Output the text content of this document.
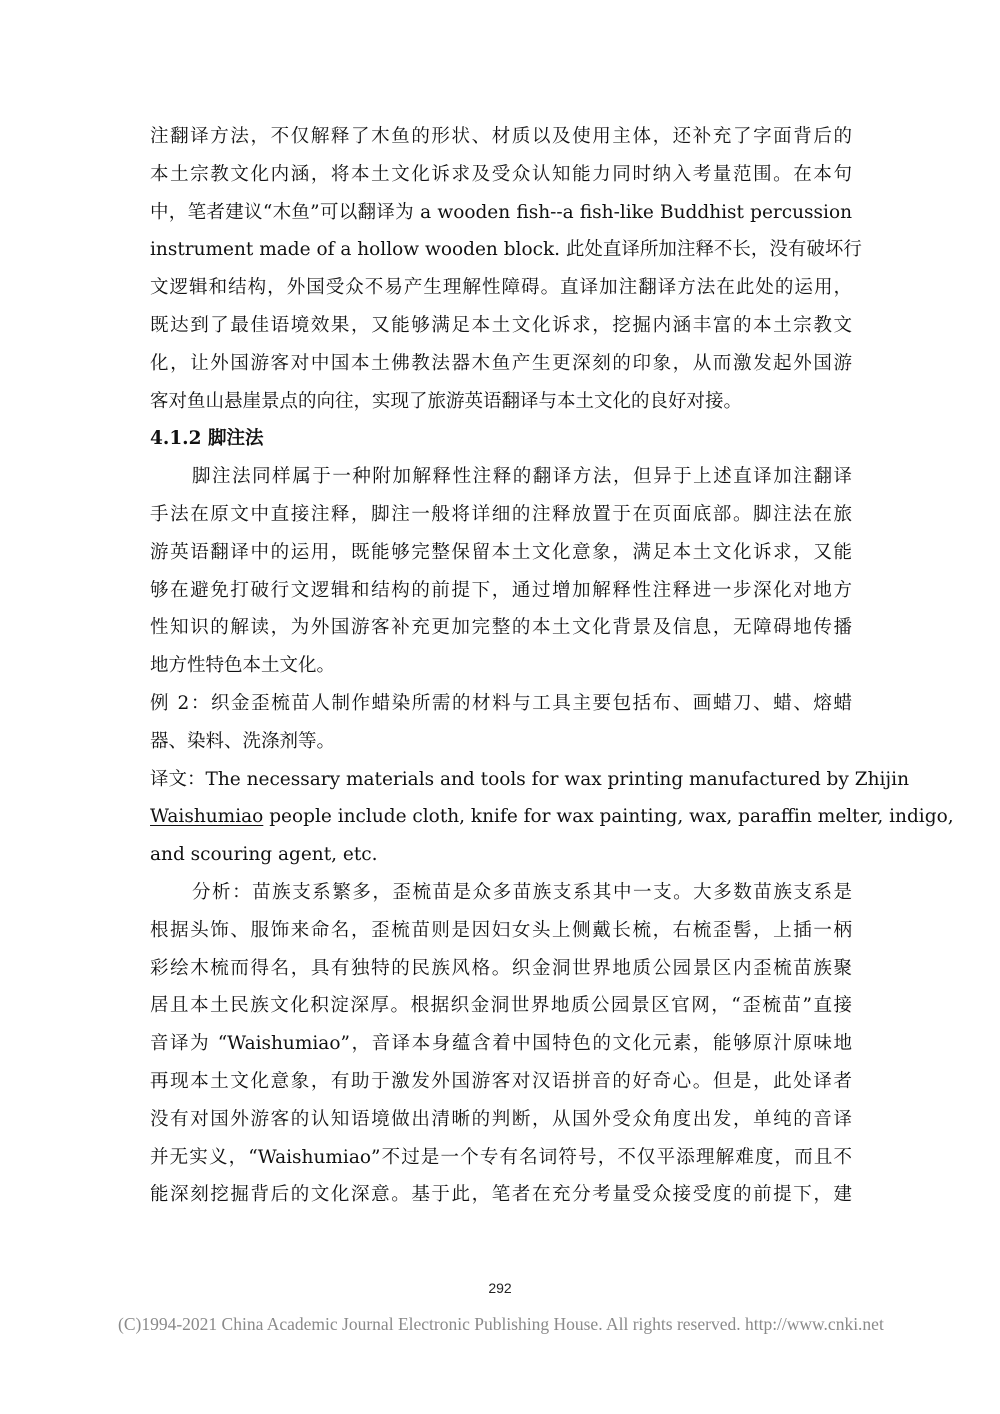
注翻译方法，不仅解释了木鱼的形状、材质以及使用主体，还补充了字面背后的
本土宗教文化内涵，将本土文化诉求及受众认知能力同时纳入考量范围。在本句
中，笔者建议“木鱼”可以翻译为 a wooden fish--a fish-like Buddhist percussion
instrument made of a hollow wooden block. 此处直译所加注释不长，没有破坏行
文逻辑和结构，外国受众不易产生理解性障碍。直译加注翻译方法在此处的运用，
既达到了最佳语境效果，又能够满足本土文化诉求，挖掘内涵丰富的本土宗教文
化，让外国游客对中国本土佛教法器木鱼产生更深刻的印象，从而激发起外国游
客对鱼山悬崖景点的向往，实现了旅游英语翻译与本土文化的良好对接。
4.1.2 脚注法
脚注法同样属于一种附加解释性注释的翻译方法，但异于上述直译加注翻译
手法在原文中直接注释，脚注一般将详细的注释放置于在页面底部。脚注法在旅
游英语翻译中的运用，既能够完整保留本土文化意象，满足本土文化诉求，又能
够在避免打破行文逻辑和结构的前提下，通过增加解释性注释进一步深化对地方
性知识的解读，为外国游客补充更加完整的本土文化背景及信息，无障碍地传播
地方性特色本土文化。
例 2：织金歪梳苗人制作蜡染所需的材料与工具主要包括布、画蜡刀、蜡、熔蜡
器、染料、洗涤剂等。
译文：The necessary materials and tools for wax printing manufactured by Zhijin
Waishumiao people include cloth, knife for wax painting, wax, paraffin melter, indigo,
and scouring agent, etc.
分析：苗族支系繁多，歪梳苗是众多苗族支系其中一支。大多数苗族支系是
根据头饰、服饰来命名，歪梳苗则是因妇女头上侧戴长梳，右梳歪髻，上插一柄
彩绘木梳而得名，具有独特的民族风格。织金洞世界地质公园景区内歪梳苗族聚
居且本土民族文化积淀深厚。根据织金洞世界地质公园景区官网，“歪梳苗”直接
音译为 “Waishumiao”，音译本身蕴含着中国特色的文化元素，能够原汁原味地
再现本土文化意象，有助于激发外国游客对汉语拼音的好奇心。但是，此处译者
没有对国外游客的认知语境做出清晰的判断，从国外受众角度出发，单纯的音译
并无实义，“Waishumiao”不过是一个专有名词符号，不仅平添理解难度，而且不
能深刻挖掘背后的文化深意。基于此，笔者在充分考量受众接受度的前提下，建
292
(C)1994-2021 China Academic Journal Electronic Publishing House. All rights reserved. http://www.cnki.net
